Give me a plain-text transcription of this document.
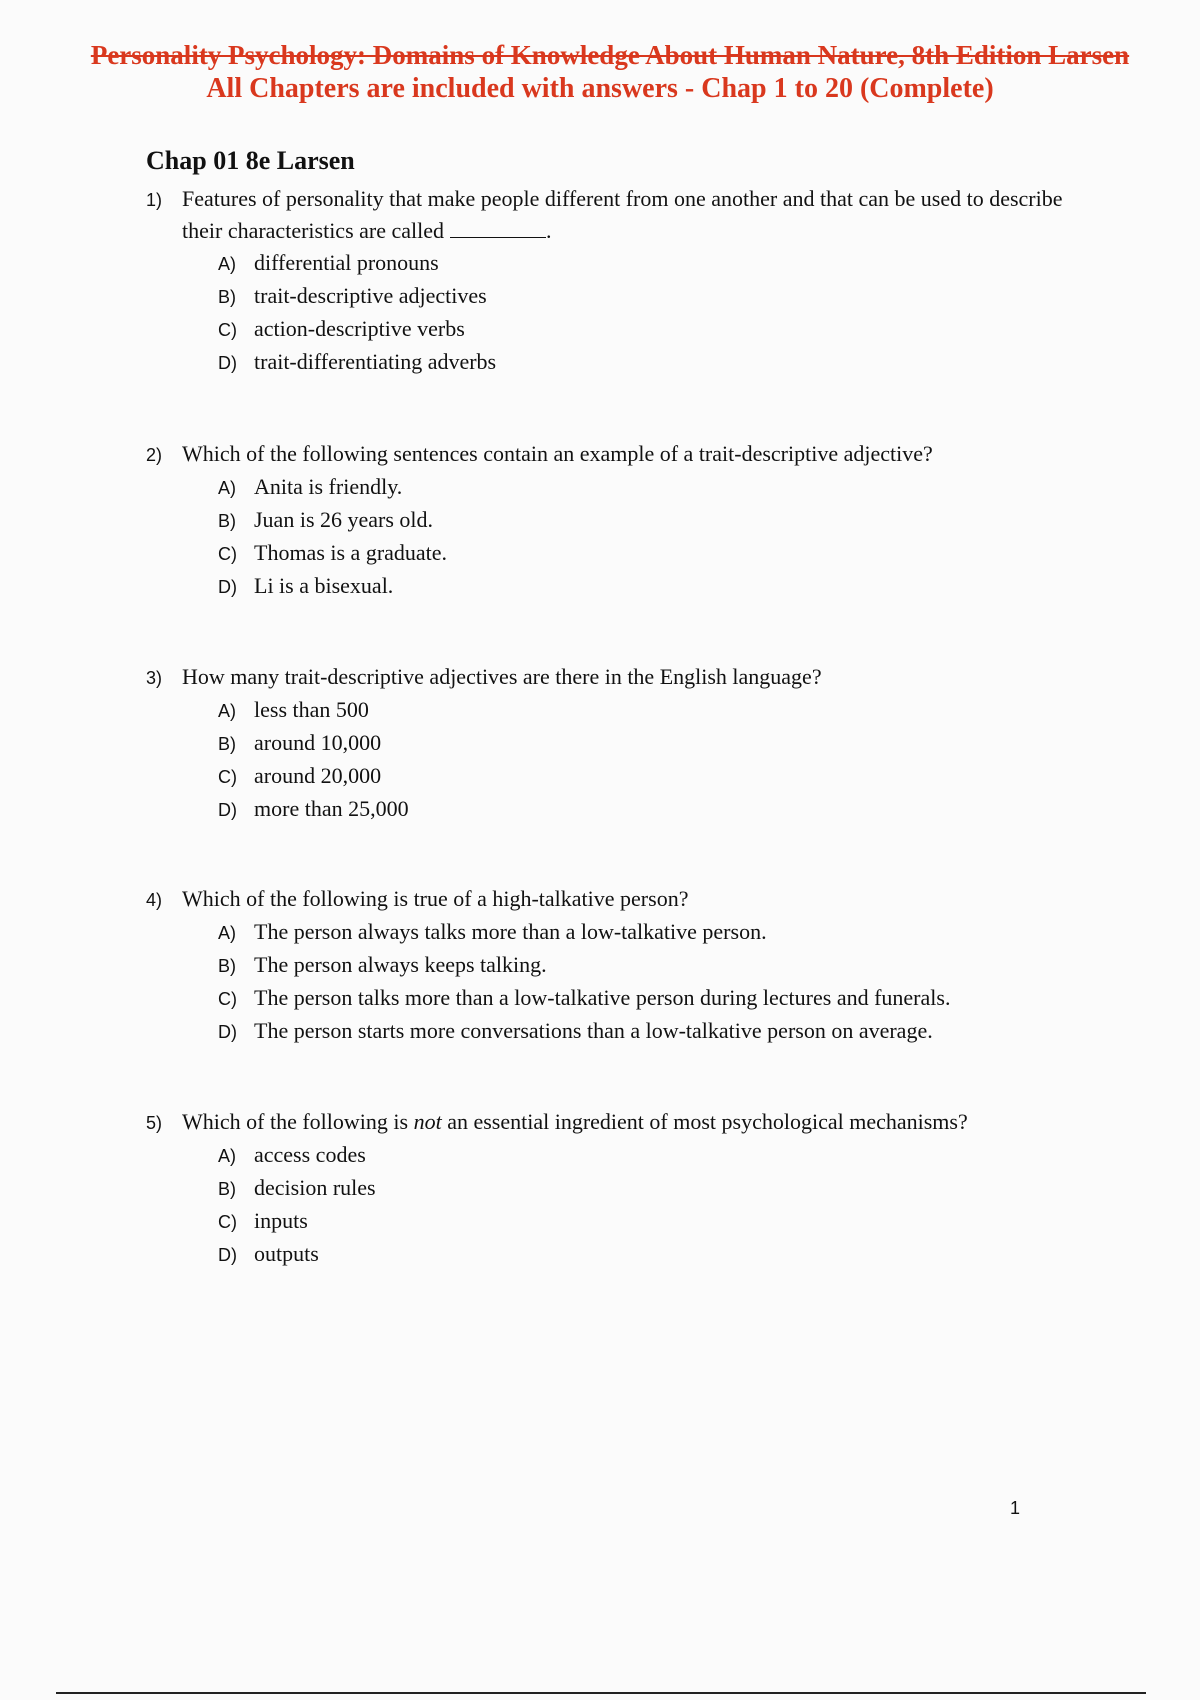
Personality Psychology: Domains of Knowledge About Human Nature, 8th Edition Larsen
All Chapters are included with answers - Chap 1 to 20 (Complete)
Chap 01 8e Larsen
1) Features of personality that make people different from one another and that can be used to describe their characteristics are called	.
A) differential pronouns
B) trait-descriptive adjectives
C) action-descriptive verbs
D) trait-differentiating adverbs
2) Which of the following sentences contain an example of a trait-descriptive adjective?
A) Anita is friendly.
B) Juan is 26 years old.
C) Thomas is a graduate.
D) Li is a bisexual.
3) How many trait-descriptive adjectives are there in the English language?
A) less than 500
B) around 10,000
C) around 20,000
D) more than 25,000
4) Which of the following is true of a high-talkative person?
A) The person always talks more than a low-talkative person.
B) The person always keeps talking.
C) The person talks more than a low-talkative person during lectures and funerals.
D) The person starts more conversations than a low-talkative person on average.
5) Which of the following is not an essential ingredient of most psychological mechanisms?
A) access codes
B) decision rules
C) inputs
D) outputs
1
